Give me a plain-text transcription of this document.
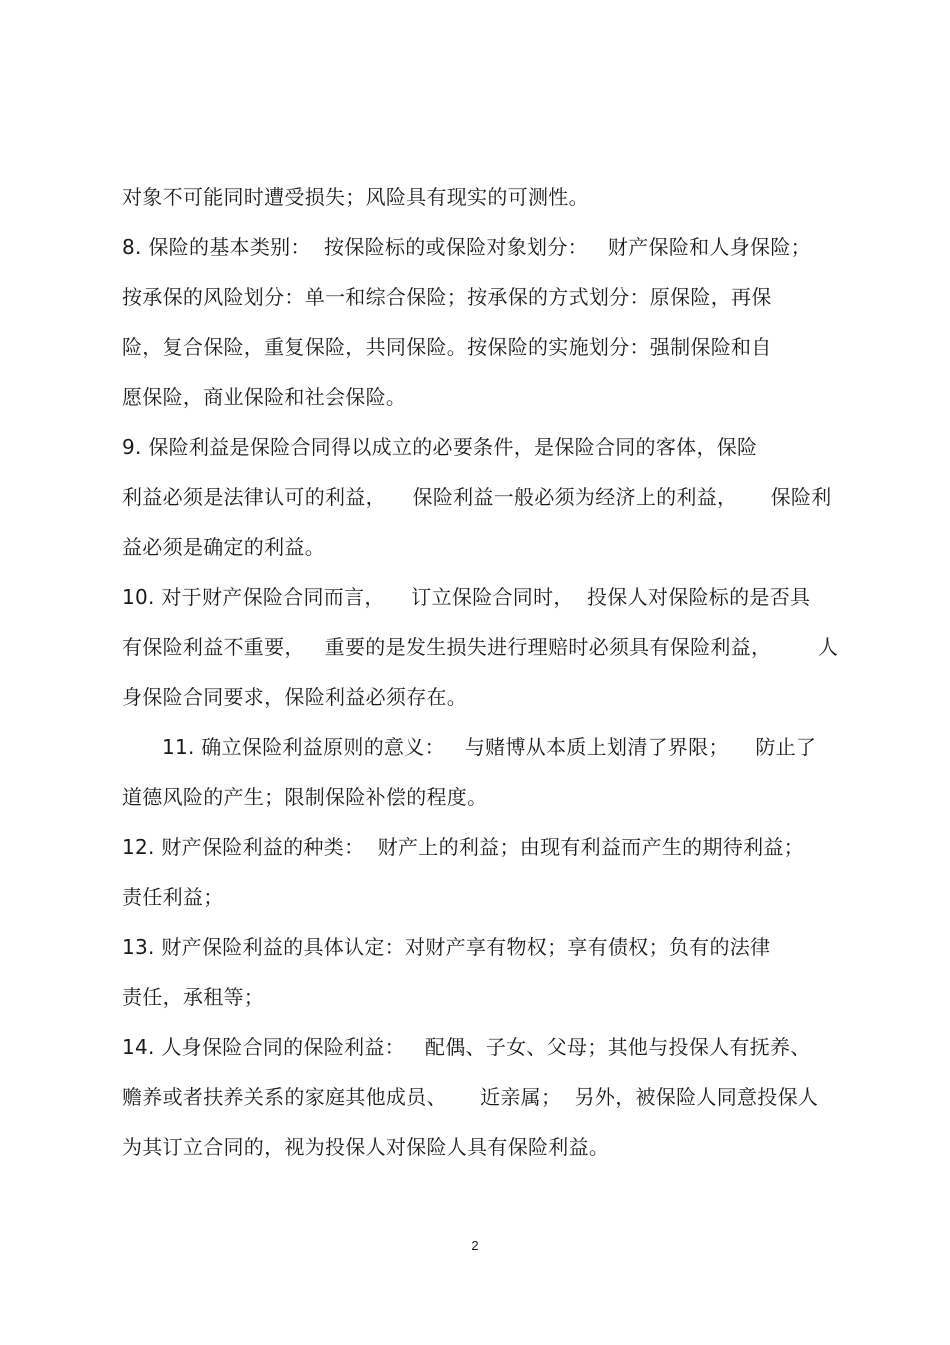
对象不可能同时遭受损失；风险具有现实的可测性。
8. 保险的基本类别：  按保险标的或保险对象划分：   财产保险和人身保险；
按承保的风险划分：单一和综合保险；按承保的方式划分：原保险，再保
险，复合保险，重复保险，共同保险。按保险的实施划分：强制保险和自
愿保险，商业保险和社会保险。
9. 保险利益是保险合同得以成立的必要条件，是保险合同的客体，保险
利益必须是法律认可的利益，    保险利益一般必须为经济上的利益，     保险利
益必须是确定的利益。
10. 对于财产保险合同而言，    订立保险合同时，  投保人对保险标的是否具
有保险利益不重要，   重要的是发生损失进行理赔时必须具有保险利益，       人
身保险合同要求，保险利益必须存在。
11. 确立保险利益原则的意义：   与赌博从本质上划清了界限；    防止了
道德风险的产生；限制保险补偿的程度。
12. 财产保险利益的种类：  财产上的利益；由现有利益而产生的期待利益；
责任利益；
13. 财产保险利益的具体认定：对财产享有物权；享有债权；负有的法律
责任，承租等；
14. 人身保险合同的保险利益：   配偶、子女、父母；其他与投保人有抚养、
赡养或者扶养关系的家庭其他成员、     近亲属；  另外，被保险人同意投保人
为其订立合同的，视为投保人对保险人具有保险利益。
2
